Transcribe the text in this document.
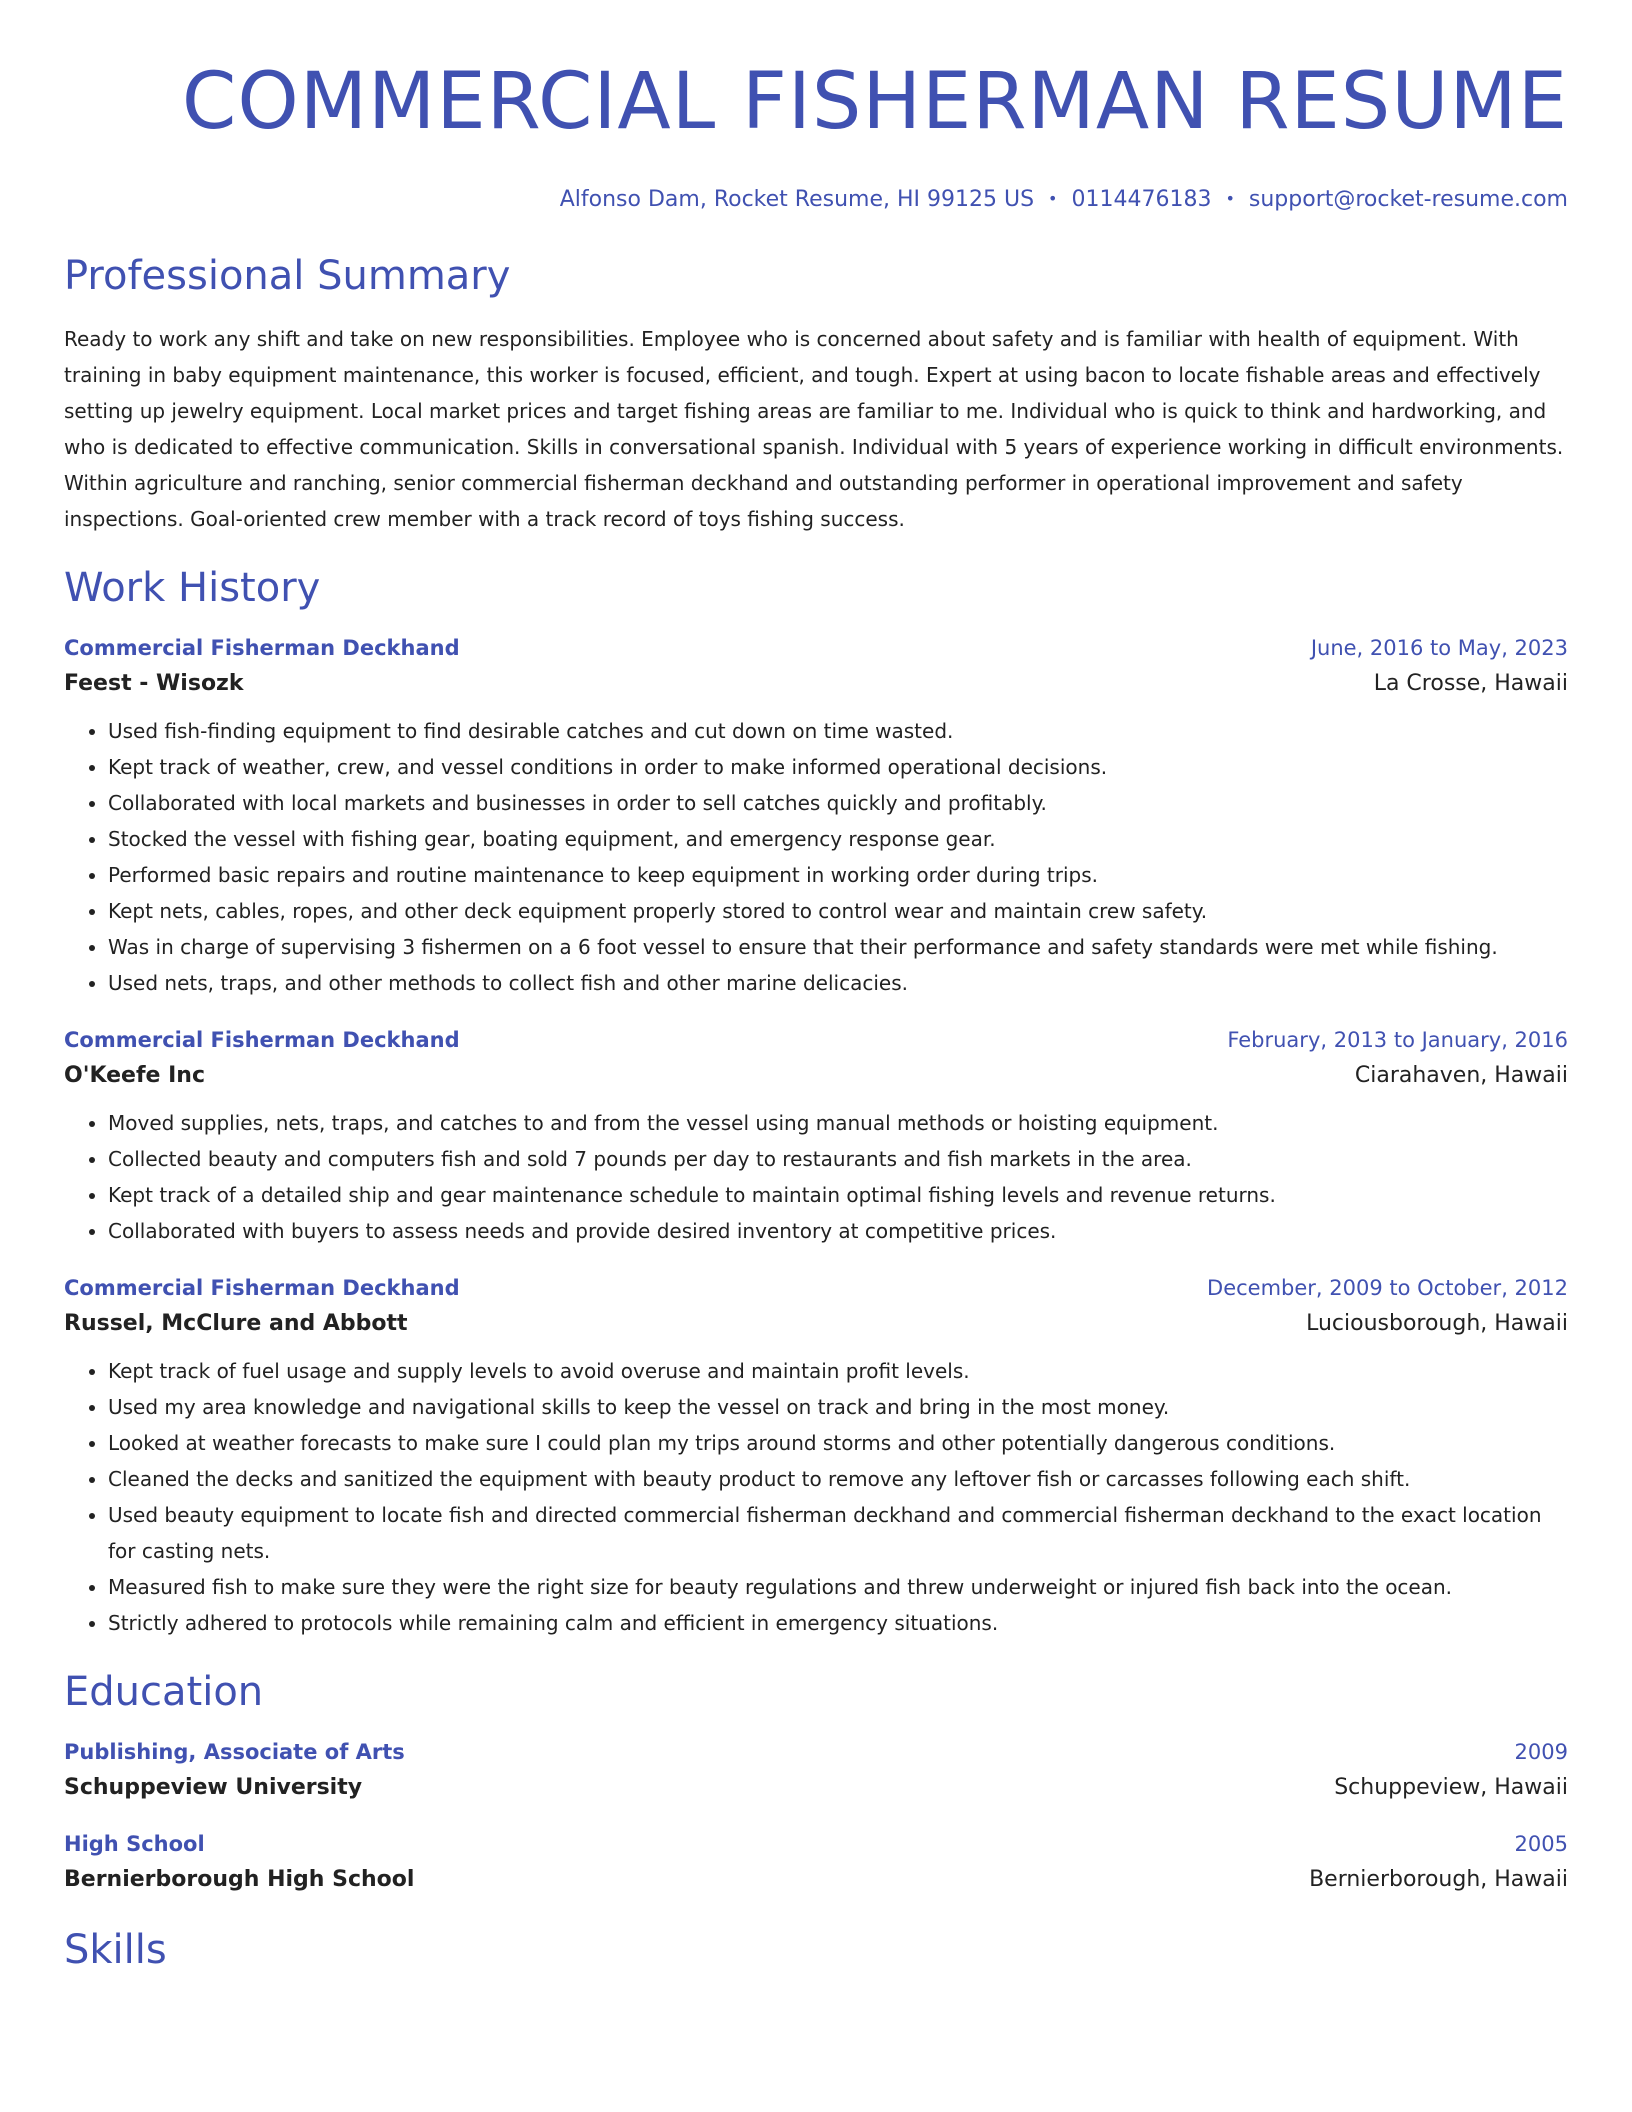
COMMERCIAL FISHERMAN RESUME
Alfonso Dam, Rocket Resume, HI 99125 US • 0114476183 • support@rocket-resume.com
Professional Summary

Ready to work any shift and take on new responsibilities. Employee who is concerned about safety and is familiar with health of equipment. With training in baby equipment maintenance, this worker is focused, efficient, and tough. Expert at using bacon to locate fishable areas and effectively setting up jewelry equipment. Local market prices and target fishing areas are familiar to me. Individual who is quick to think and hardworking, and who is dedicated to effective communication. Skills in conversational spanish. Individual with 5 years of experience working in difficult environments. Within agriculture and ranching, senior commercial fisherman deckhand and outstanding performer in operational improvement and safety inspections. Goal-oriented crew member with a track record of toys fishing success.

Work History
Commercial Fisherman Deckhand	June, 2016 to May, 2023
Feest - Wisozk	La Crosse, Hawaii
• Used fish-finding equipment to find desirable catches and cut down on time wasted.
• Kept track of weather, crew, and vessel conditions in order to make informed operational decisions.
• Collaborated with local markets and businesses in order to sell catches quickly and profitably.
• Stocked the vessel with fishing gear, boating equipment, and emergency response gear.
• Performed basic repairs and routine maintenance to keep equipment in working order during trips.
• Kept nets, cables, ropes, and other deck equipment properly stored to control wear and maintain crew safety.
• Was in charge of supervising 3 fishermen on a 6 foot vessel to ensure that their performance and safety standards were met while fishing.
• Used nets, traps, and other methods to collect fish and other marine delicacies.
Commercial Fisherman Deckhand	February, 2013 to January, 2016
O'Keefe Inc	Ciarahaven, Hawaii
• Moved supplies, nets, traps, and catches to and from the vessel using manual methods or hoisting equipment.
• Collected beauty and computers fish and sold 7 pounds per day to restaurants and fish markets in the area.
• Kept track of a detailed ship and gear maintenance schedule to maintain optimal fishing levels and revenue returns.
• Collaborated with buyers to assess needs and provide desired inventory at competitive prices.
Commercial Fisherman Deckhand	December, 2009 to October, 2012
Russel, McClure and Abbott	Luciousborough, Hawaii
• Kept track of fuel usage and supply levels to avoid overuse and maintain profit levels.
• Used my area knowledge and navigational skills to keep the vessel on track and bring in the most money.
• Looked at weather forecasts to make sure I could plan my trips around storms and other potentially dangerous conditions.
• Cleaned the decks and sanitized the equipment with beauty product to remove any leftover fish or carcasses following each shift.
• Used beauty equipment to locate fish and directed commercial fisherman deckhand and commercial fisherman deckhand to the exact location for casting nets.
• Measured fish to make sure they were the right size for beauty regulations and threw underweight or injured fish back into the ocean.
• Strictly adhered to protocols while remaining calm and efficient in emergency situations.
Education
Publishing, Associate of Arts	2009
Schuppeview University	Schuppeview, Hawaii
High School	2005
Bernierborough High School	Bernierborough, Hawaii
Skills
